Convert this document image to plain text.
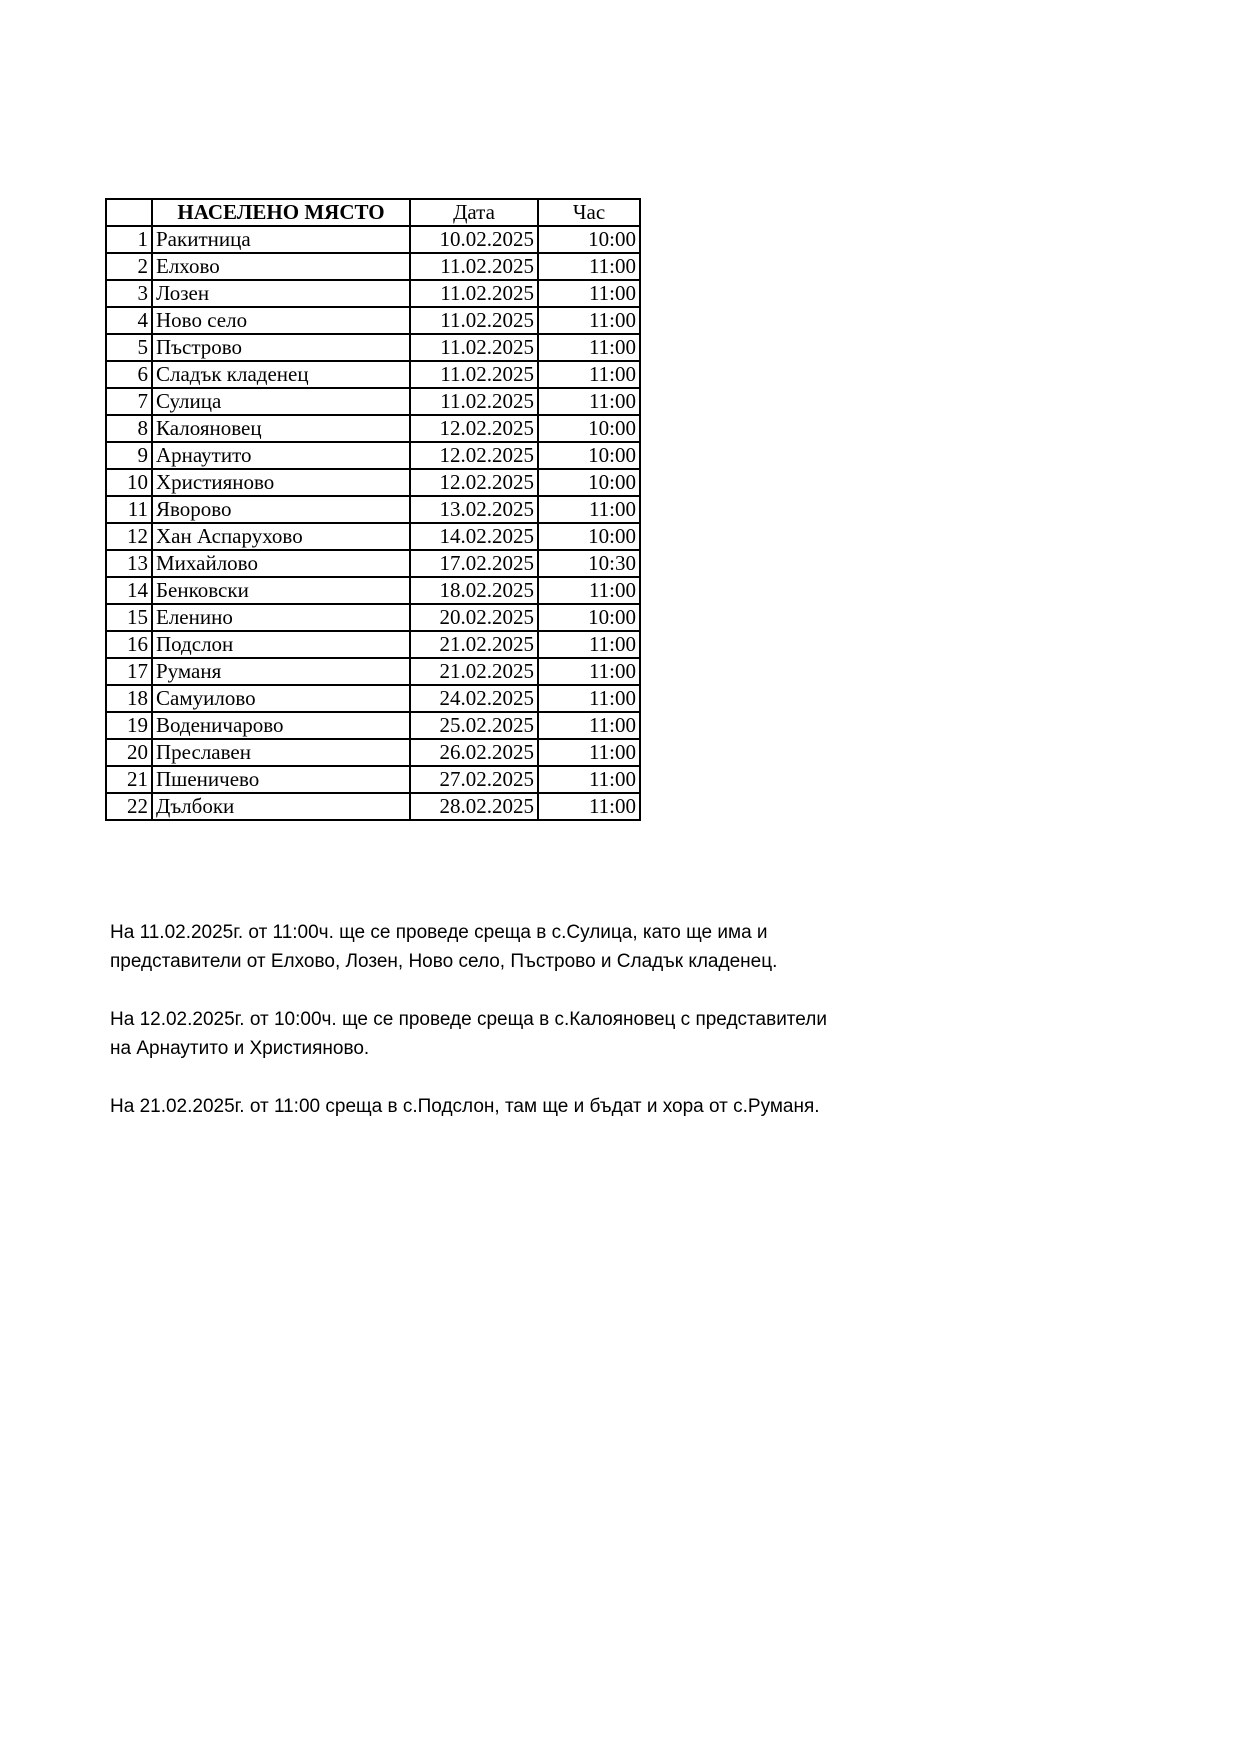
	НАСЕЛЕНО МЯСТО	Дата	Час
1	Ракитница	10.02.2025	10:00
2	Елхово	11.02.2025	11:00
3	Лозен	11.02.2025	11:00
4	Ново село	11.02.2025	11:00
5	Пъстрово	11.02.2025	11:00
6	Сладък кладенец	11.02.2025	11:00
7	Сулица	11.02.2025	11:00
8	Калояновец	12.02.2025	10:00
9	Арнаутито	12.02.2025	10:00
10	Християново	12.02.2025	10:00
11	Яворово	13.02.2025	11:00
12	Хан Аспарухово	14.02.2025	10:00
13	Михайлово	17.02.2025	10:30
14	Бенковски	18.02.2025	11:00
15	Еленино	20.02.2025	10:00
16	Подслон	21.02.2025	11:00
17	Руманя	21.02.2025	11:00
18	Самуилово	24.02.2025	11:00
19	Воденичарово	25.02.2025	11:00
20	Преславен	26.02.2025	11:00
21	Пшеничево	27.02.2025	11:00
22	Дълбоки	28.02.2025	11:00

На 11.02.2025г. от 11:00ч. ще се проведе среща в с.Сулица, като ще има и
представители от Елхово, Лозен, Ново село, Пъстрово и Сладък кладенец.

На 12.02.2025г. от 10:00ч. ще се проведе среща в с.Калояновец с представители
на Арнаутито и Християново.

На 21.02.2025г. от 11:00 среща в с.Подслон, там ще и бъдат и хора от с.Руманя.
